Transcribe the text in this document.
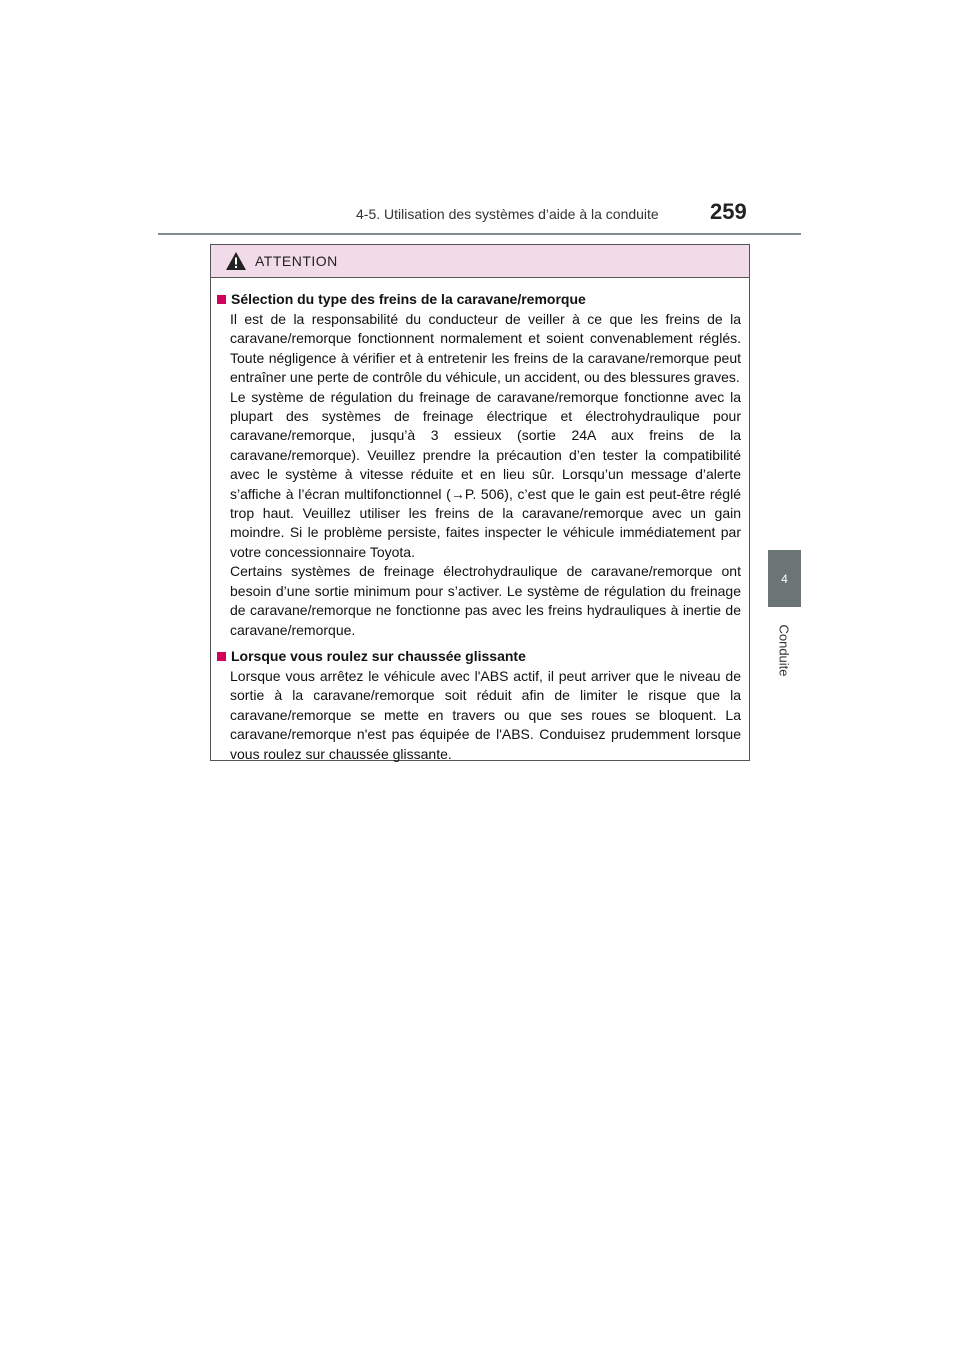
4-5. Utilisation des systèmes d’aide à la conduite 259
4
Conduite
ATTENTION
Sélection du type des freins de la caravane/remorque

Il est de la responsabilité du conducteur de veiller à ce que les freins de la caravane/remorque fonctionnent normalement et soient convenablement réglés. Toute négligence à vérifier et à entretenir les freins de la caravane/remorque peut entraîner une perte de contrôle du véhicule, un accident, ou des blessures graves.

Le système de régulation du freinage de caravane/remorque fonctionne avec la plupart des systèmes de freinage électrique et électrohydraulique pour caravane/remorque, jusqu’à 3 essieux (sortie 24A aux freins de la caravane/remorque). Veuillez prendre la précaution d’en tester la compatibilité avec le système à vitesse réduite et en lieu sûr. Lorsqu’un message d’alerte s’affiche à l’écran multifonctionnel (→P. 506), c’est que le gain est peut-être réglé trop haut. Veuillez utiliser les freins de la caravane/remorque avec un gain moindre. Si le problème persiste, faites inspecter le véhicule immédiatement par votre concessionnaire Toyota.

Certains systèmes de freinage électrohydraulique de caravane/remorque ont besoin d’une sortie minimum pour s’activer. Le système de régulation du freinage de caravane/remorque ne fonctionne pas avec les freins hydrauliques à inertie de caravane/remorque.

Lorsque vous roulez sur chaussée glissante

Lorsque vous arrêtez le véhicule avec l'ABS actif, il peut arriver que le niveau de sortie à la caravane/remorque soit réduit afin de limiter le risque que la caravane/remorque se mette en travers ou que ses roues se bloquent. La caravane/remorque n'est pas équipée de l'ABS. Conduisez prudemment lorsque vous roulez sur chaussée glissante.
